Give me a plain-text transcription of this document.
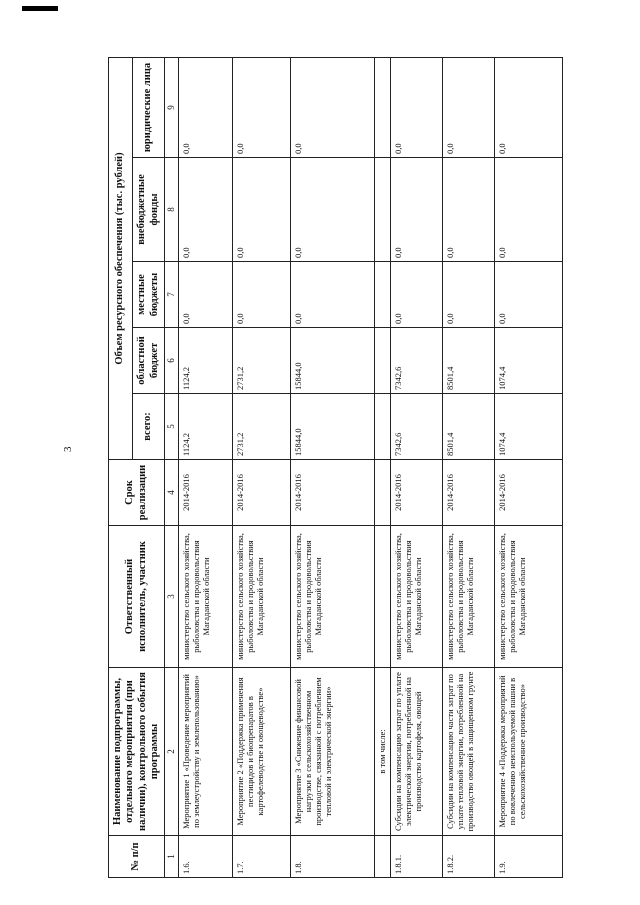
3
№ п/п	Наименование подпрограммы, отдельного мероприятия (при наличии), контрольного события программы	Ответственный исполнитель, участник	Срок реализации	Объем ресурсного обеспечения (тыс. рублей)				
				всего:	областной бюджет	местные бюджеты	внебюджетные фонды	юридические лица
1	2	3	4	5	6	7	8	9
1.6.	Мероприятие 1 «Проведение мероприятий по землеустройству и землепользованию»	министерство сельского хозяйства, рыболовства и продовольствия Магаданской области	2014-2016	1124,2	1124,2	0,0	0,0	0,0
1.7.	Мероприятие 2 «Поддержка применения пестицидов и биопрепаратов в картофелеводстве и овощеводстве»	министерство сельского хозяйства, рыболовства и продовольствия Магаданской области	2014-2016	2731,2	2731,2	0,0	0,0	0,0
1.8.	Мероприятие 3 «Снижение финансовой нагрузки в сельскохозяйственном производстве, связанной с потреблением тепловой и электрической энергии»	министерство сельского хозяйства, рыболовства и продовольствия Магаданской области	2014-2016	15844,0	15844,0	0,0	0,0	0,0
	в том числе:							
1.8.1.	Субсидии на компенсацию затрат по уплате электрической энергии, потребленной на производство картофеля, овощей	министерство сельского хозяйства, рыболовства и продовольствия Магаданской области	2014-2016	7342,6	7342,6	0,0	0,0	0,0
1.8.2.	Субсидии на компенсацию части затрат по уплате тепловой энергии, потребленной на производство овощей в защищенном грунте	министерство сельского хозяйства, рыболовства и продовольствия Магаданской области	2014-2016	8501,4	8501,4	0,0	0,0	0,0
1.9.	Мероприятие 4 «Поддержка мероприятий по вовлечению неиспользуемой пашни в сельскохозяйственное производство»	министерство сельского хозяйства, рыболовства и продовольствия Магаданской области	2014-2016	1074,4	1074,4	0,0	0,0	0,0
